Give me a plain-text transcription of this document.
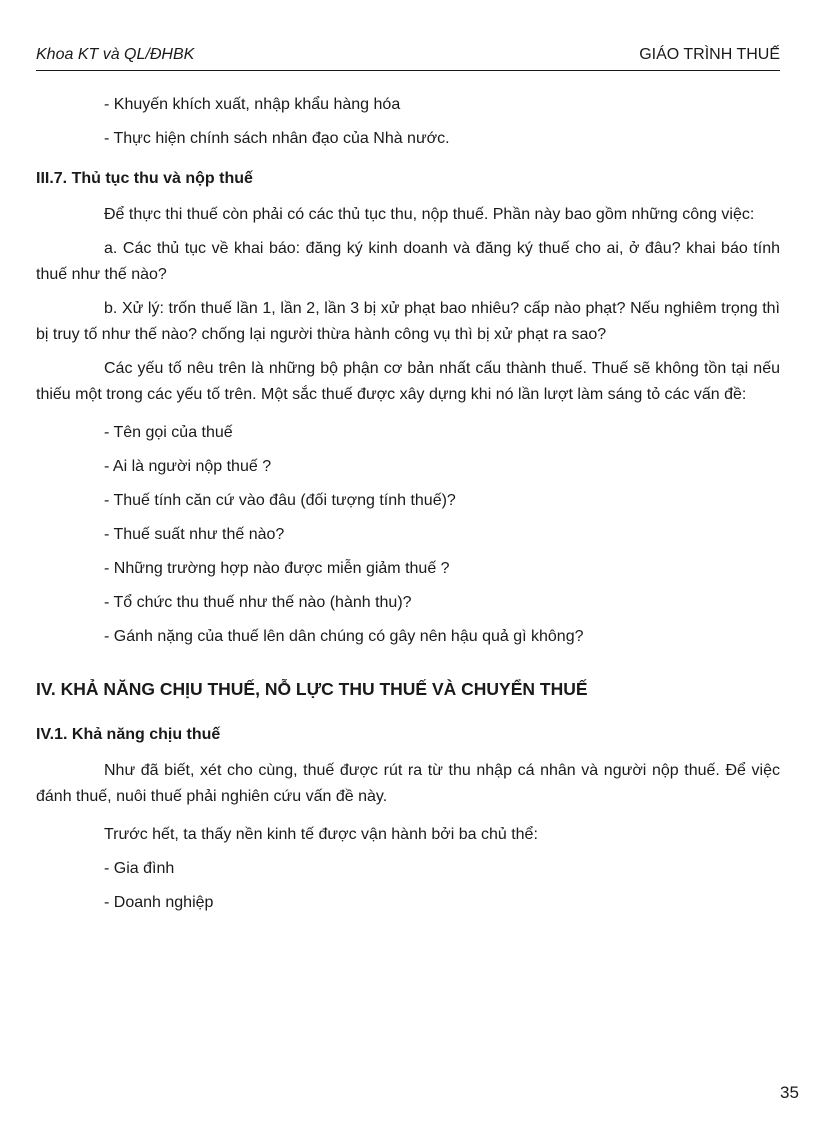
Khoa KT và QL/ĐHBK	GIÁO TRÌNH THUẾ

- Khuyến khích xuất, nhập khẩu hàng hóa

- Thực hiện chính sách nhân đạo của Nhà nước.

III.7. Thủ tục thu và nộp thuế

Để thực thi thuế còn phải có các thủ tục thu, nộp thuế. Phần này bao gồm những công việc:

a. Các thủ tục về khai báo: đăng ký kinh doanh và đăng ký thuế cho ai, ở đâu? khai báo tính thuế như thế nào?

b. Xử lý: trốn thuế lần 1, lần 2, lần 3 bị xử phạt bao nhiêu? cấp nào phạt? Nếu nghiêm trọng thì bị truy tố như thế nào? chống lại người thừa hành công vụ thì bị xử phạt ra sao?

Các yếu tố nêu trên là những bộ phận cơ bản nhất cấu thành thuế. Thuế sẽ không tồn tại nếu thiếu một trong các yếu tố trên. Một sắc thuế được xây dựng khi nó lần lượt làm sáng tỏ các vấn đề:

- Tên gọi của thuế

- Ai là người nộp thuế ?

- Thuế tính căn cứ vào đâu (đối tượng tính thuế)?

- Thuế suất như thế nào?

- Những trường hợp nào được miễn giảm thuế ?

- Tổ chức thu thuế như thế nào (hành thu)?

- Gánh nặng của thuế lên dân chúng có gây nên hậu quả gì không?

IV. KHẢ NĂNG CHỊU THUẾ, NỖ LỰC THU THUẾ VÀ CHUYỂN THUẾ

IV.1. Khả năng chịu thuế

Như đã biết, xét cho cùng, thuế được rút ra từ thu nhập cá nhân và người nộp thuế. Để việc đánh thuế, nuôi thuế phải nghiên cứu vấn đề này.

Trước hết, ta thấy nền kinh tế được vận hành bởi ba chủ thể:

- Gia đình

- Doanh nghiệp

35
